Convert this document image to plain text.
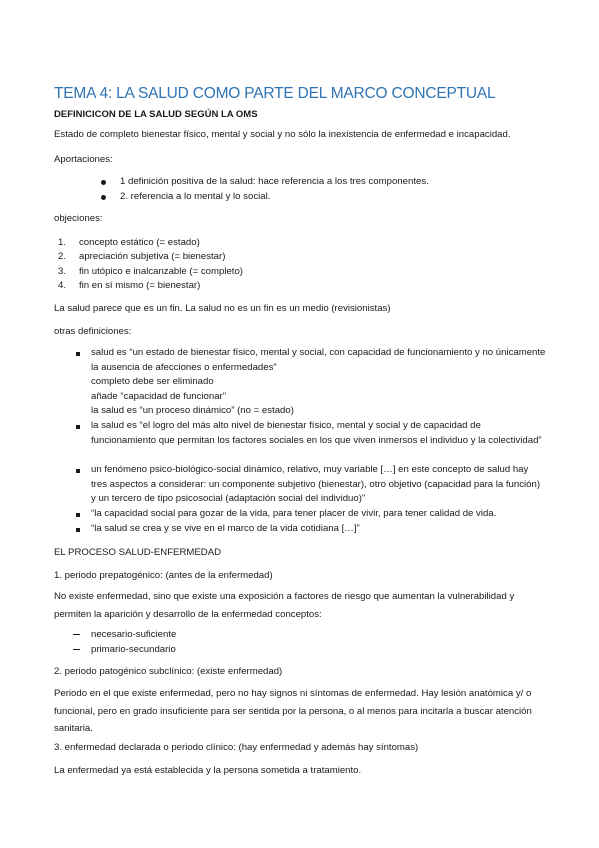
TEMA 4: LA SALUD COMO PARTE DEL MARCO CONCEPTUAL
DEFINICICON DE LA SALUD SEGÚN LA OMS
Estado de completo bienestar físico, mental y social y no sólo la inexistencia de enfermedad e incapacidad.
Aportaciones:
1 definición positiva de la salud: hace referencia a los tres componentes.
2. referencia a lo mental y lo social.
objeciones:
1. concepto estático (= estado)
2. apreciación subjetiva (= bienestar)
3. fin utópico e inalcanzable (= completo)
4. fin en sí mismo (= bienestar)
La salud parece que es un fin. La salud no es un fin es un medio (revisionistas)
otras definiciones:
salud es “un estado de bienestar físico, mental y social, con capacidad de funcionamiento y no únicamente la ausencia de afecciones o enfermedades”
completo debe ser eliminado
añade “capacidad de funcionar”
la salud es “un proceso dinámico” (no = estado)
la salud es “el logro del más alto nivel de bienestar físico, mental y social y de capacidad de funcionamiento que permitan los factores sociales en los que viven inmersos el individuo y la colectividad”
un fenómeno psico-biológico-social dinámico, relativo, muy variable […] en este concepto de salud hay tres aspectos a considerar: un componente subjetivo (bienestar), otro objetivo (capacidad para la función) y un tercero de tipo psicosocial (adaptación social del individuo)”
“la capacidad social para gozar de la vida, para tener placer de vivir, para tener calidad de vida.
“la salud se crea y se vive en el marco de la vida cotidiana […]”
EL PROCESO SALUD-ENFERMEDAD
1. periodo prepatogénico: (antes de la enfermedad)
No existe enfermedad, sino que existe una exposición a factores de riesgo que aumentan la vulnerabilidad y permiten la aparición y desarrollo de la enfermedad conceptos:
necesario-suficiente
primario-secundario
2. periodo patogénico subclínico: (existe enfermedad)
Periodo en el que existe enfermedad, pero no hay signos ni síntomas de enfermedad. Hay lesión anatómica y/ o funcional, pero en grado insuficiente para ser sentida por la persona, o al menos para incitarla a buscar atención sanitaria.
3. enfermedad declarada o periodo clínico: (hay enfermedad y además hay síntomas)
La enfermedad ya está establecida y la persona sometida a tratamiento.
